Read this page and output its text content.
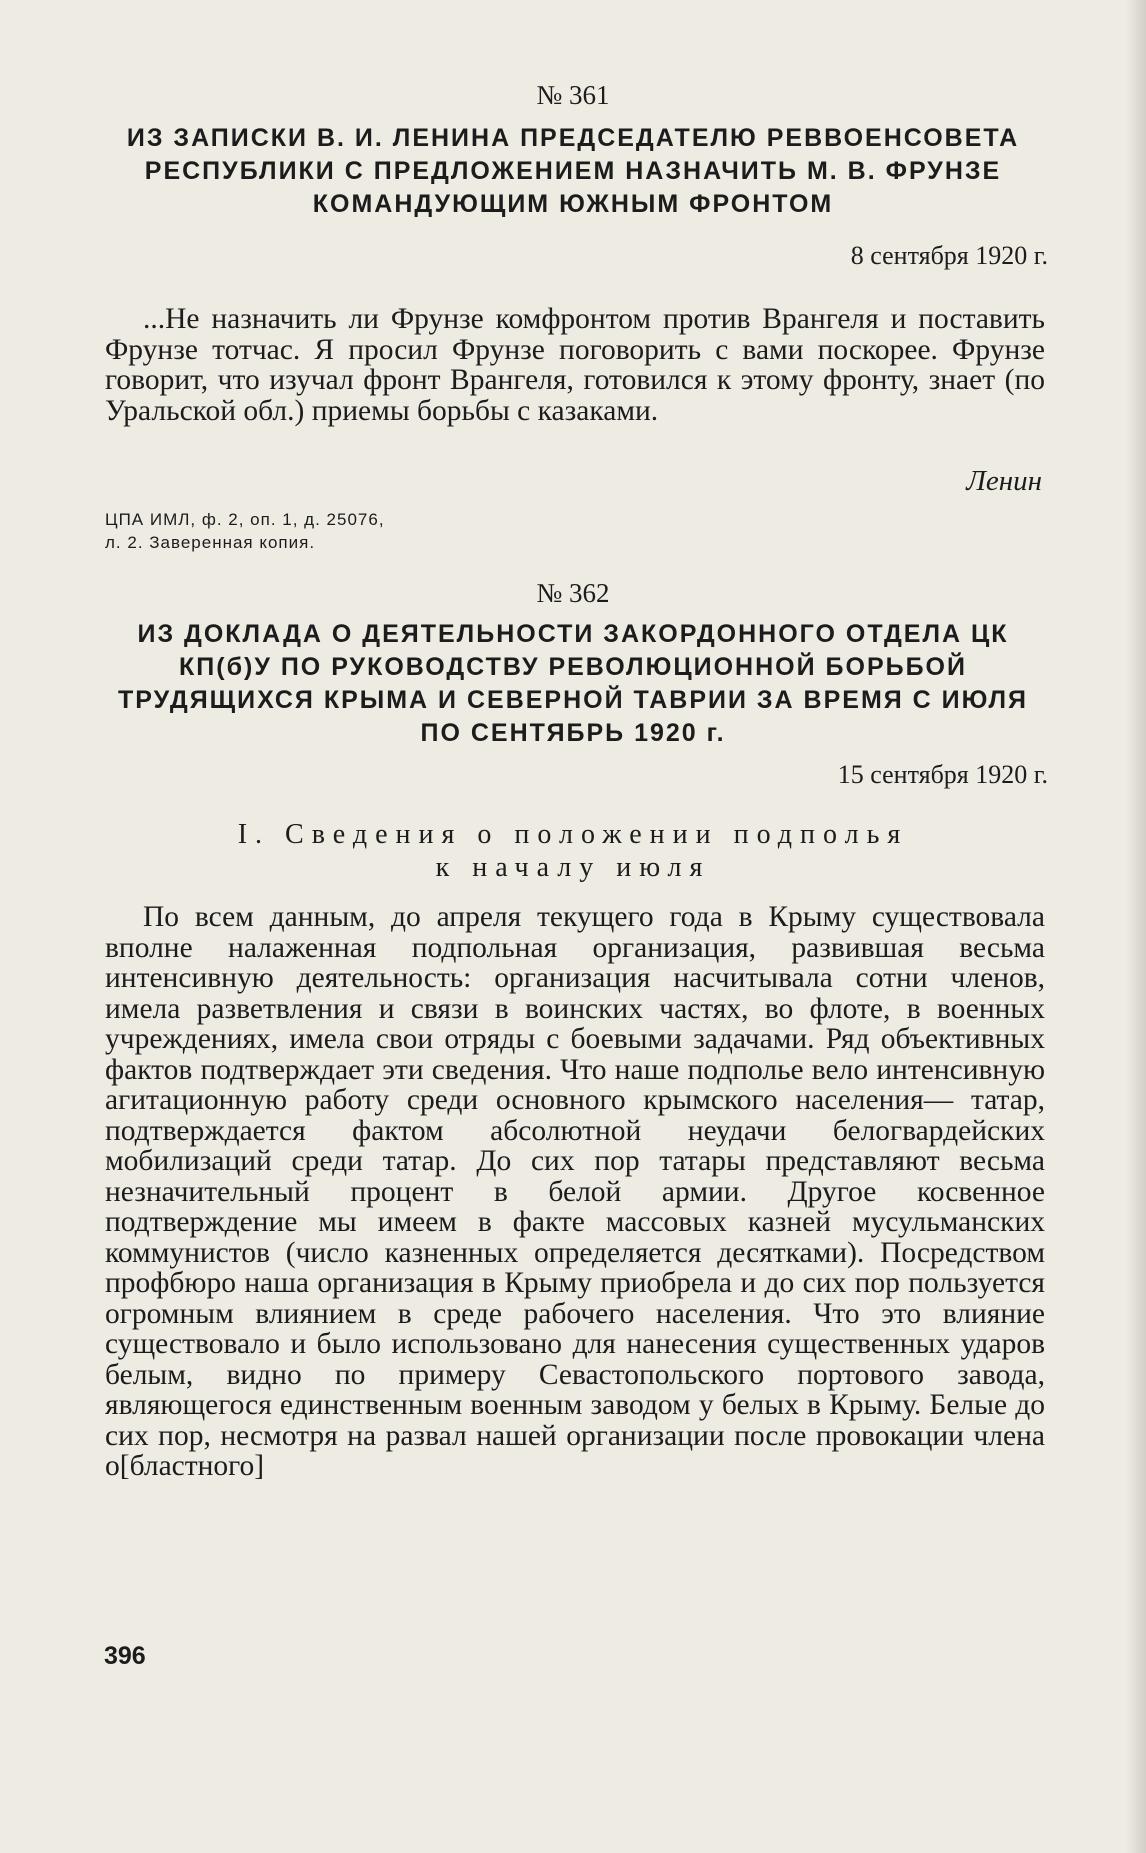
№ 361
ИЗ ЗАПИСКИ В. И. ЛЕНИНА ПРЕДСЕДАТЕЛЮ РЕВВОЕНСОВЕТА РЕСПУБЛИКИ С ПРЕДЛОЖЕНИЕМ НАЗНАЧИТЬ М. В. ФРУНЗЕ КОМАНДУЮЩИМ ЮЖНЫМ ФРОНТОМ
8 сентября 1920 г.

...Не назначить ли Фрунзе комфронтом против Врангеля и поставить Фрунзе тотчас. Я просил Фрунзе поговорить с вами поскорее. Фрунзе говорит, что изучал фронт Врангеля, готовился к этому фронту, знает (по Уральской обл.) приемы борьбы с казаками.

Ленин
ЦПА ИМЛ, ф. 2, оп. 1, д. 25076,
л. 2. Заверенная копия.
№ 362
ИЗ ДОКЛАДА О ДЕЯТЕЛЬНОСТИ ЗАКОРДОННОГО ОТДЕЛА ЦК КП(б)У ПО РУКОВОДСТВУ РЕВОЛЮЦИОННОЙ БОРЬБОЙ ТРУДЯЩИХСЯ КРЫМА И СЕВЕРНОЙ ТАВРИИ ЗА ВРЕМЯ С ИЮЛЯ ПО СЕНТЯБРЬ 1920 г.
15 сентября 1920 г.
I. Сведения о положении подполья
к началу июля

По всем данным, до апреля текущего года в Крыму существовала вполне налаженная подпольная организация, развившая весьма интенсивную деятельность: организация насчитывала сотни членов, имела разветвления и связи в воинских частях, во флоте, в военных учреждениях, имела свои отряды с боевыми задачами. Ряд объективных фактов подтверждает эти сведения. Что наше подполье вело интенсивную агитационную работу среди основного крымского населения— татар, подтверждается фактом абсолютной неудачи белогвардейских мобилизаций среди татар. До сих пор татары представляют весьма незначительный процент в белой армии. Другое косвенное подтверждение мы имеем в факте массовых казней мусульманских коммунистов (число казненных определяется десятками). Посредством профбюро наша организация в Крыму приобрела и до сих пор пользуется огромным влиянием в среде рабочего населения. Что это влияние существовало и было использовано для нанесения существенных ударов белым, видно по примеру Севастопольского портового завода, являющегося единственным военным заводом у белых в Крыму. Белые до сих пор, несмотря на развал нашей организации после провокации члена о[бластного]

396
